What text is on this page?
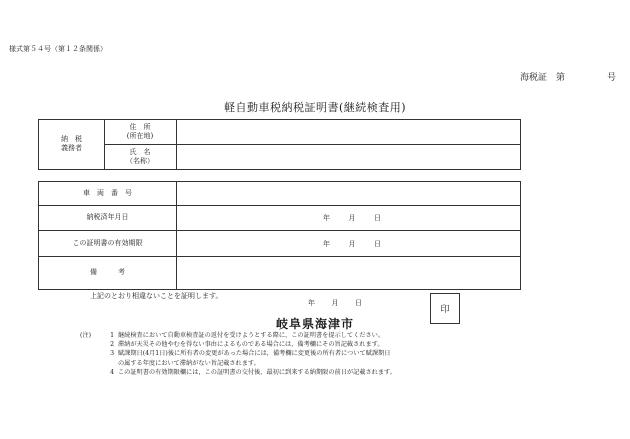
様式第５４号（第１２条関係）
海税証　第	号
軽自動車税納税証明書(継続検査用)
納　税
義務者
住　所
(所在地)
氏　名
（名称）
車　両　番　号
納税済年月日	年	月	日
この証明書の有効期限	年	月	日
備　　　考
上記のとおり相違ないことを証明します。
年 月 日
印
岐阜県海津市
(注)	1 継続検査において自動車検査証の返付を受けようとする際に、この証明書を提示してください。
2 滞納が天災その他やむを得ない事由によるものである場合には、備考欄にその旨記載されます。
3 賦課期日(4月1日)後に所有者の変更があった場合には，備考欄に変更後の所有者について賦課期日
の属する年度において滞納がない旨記載されます。
4 この証明書の有効期限欄には，この証明書の交付後、最初に到来する納期限の前日が記載されます。
